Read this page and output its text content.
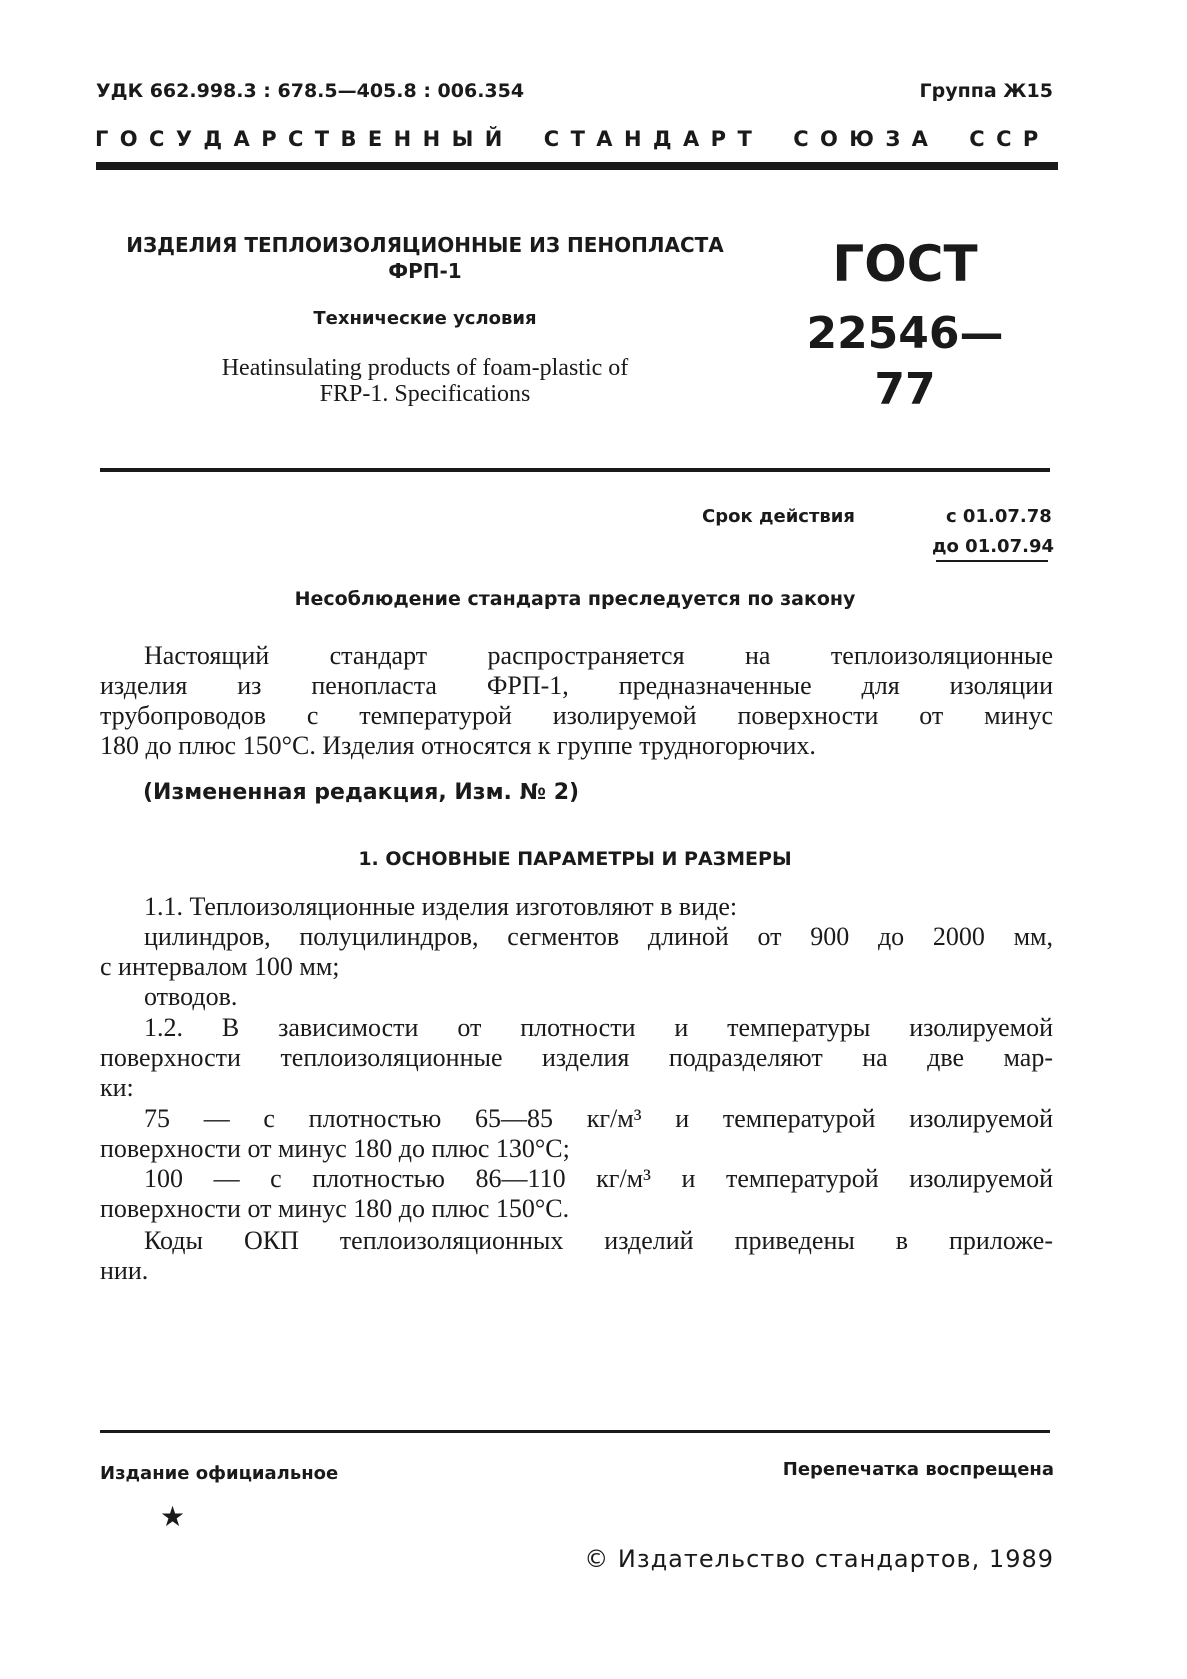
УДК 662.998.3 : 678.5—405.8 : 006.354	Группа Ж15
ГОСУДАРСТВЕННЫЙ СТАНДАРТ СОЮЗА ССР
ИЗДЕЛИЯ ТЕПЛОИЗОЛЯЦИОННЫЕ ИЗ ПЕНОПЛАСТА
ФРП-1
Технические условия
Heatinsulating products of foam-plastic of
FRP-1. Specifications
ГОСТ
22546—77
Срок действия	с 01.07.78
до 01.07.94
Несоблюдение стандарта преследуется по закону
Настоящий стандарт распространяется на теплоизоляционные
изделия из пенопласта ФРП-1, предназначенные для изоляции
трубопроводов с температурой изолируемой поверхности от минус
180 до плюс 150°С. Изделия относятся к группе трудногорючих.
(Измененная редакция, Изм. № 2)
1. ОСНОВНЫЕ ПАРАМЕТРЫ И РАЗМЕРЫ
1.1. Теплоизоляционные изделия изготовляют в виде:
цилиндров, полуцилиндров, сегментов длиной от 900 до 2000 мм,
с интервалом 100 мм;
отводов.
1.2. В зависимости от плотности и температуры изолируемой
поверхности теплоизоляционные изделия подразделяют на две мар-
ки:
75 — с плотностью 65—85 кг/м³ и температурой изолируемой
поверхности от минус 180 до плюс 130°С;
100 — с плотностью 86—110 кг/м³ и температурой изолируемой
поверхности от минус 180 до плюс 150°С.
Коды ОКП теплоизоляционных изделий приведены в приложе-
нии.
Издание официальное	Перепечатка воспрещена
★
© Издательство стандартов, 1989
